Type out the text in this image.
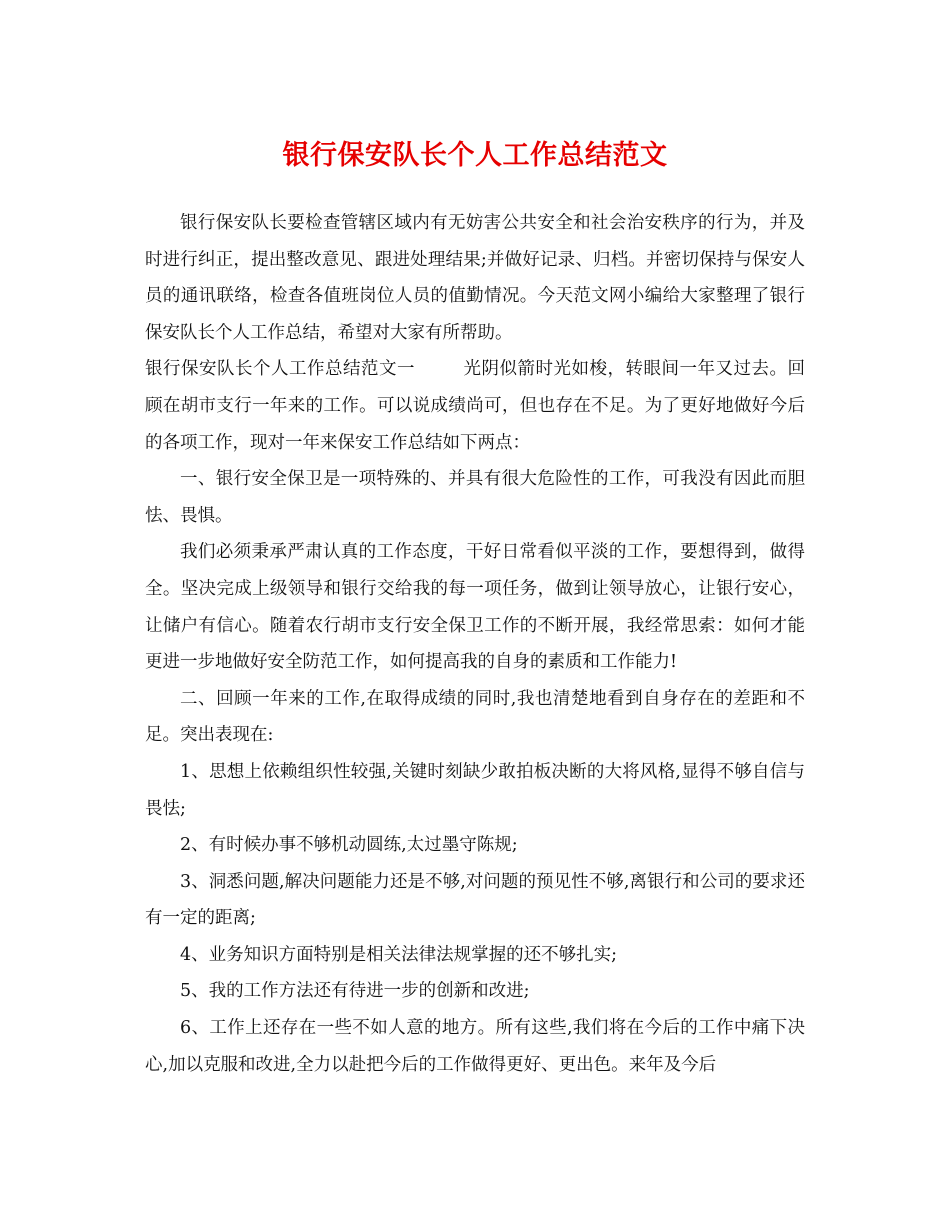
银行保安队长个人工作总结范文

银行保安队长要检查管辖区域内有无妨害公共安全和社会治安秩序的行为，并及时进行纠正，提出整改意见、跟进处理结果;并做好记录、归档。并密切保持与保安人员的通讯联络，检查各值班岗位人员的值勤情况。今天范文网小编给大家整理了银行保安队长个人工作总结，希望对大家有所帮助。

银行保安队长个人工作总结范文一	光阴似箭时光如梭，转眼间一年又过去。回顾在胡市支行一年来的工作。可以说成绩尚可，但也存在不足。为了更好地做好今后的各项工作，现对一年来保安工作总结如下两点：

一、银行安全保卫是一项特殊的、并具有很大危险性的工作，可我没有因此而胆怯、畏惧。

我们必须秉承严肃认真的工作态度，干好日常看似平淡的工作，要想得到，做得全。坚决完成上级领导和银行交给我的每一项任务，做到让领导放心，让银行安心，让储户有信心。随着农行胡市支行安全保卫工作的不断开展，我经常思索：如何才能更进一步地做好安全防范工作，如何提高我的自身的素质和工作能力!

二、回顾一年来的工作,在取得成绩的同时,我也清楚地看到自身存在的差距和不足。突出表现在:

1、思想上依赖组织性较强,关键时刻缺少敢拍板决断的大将风格,显得不够自信与畏怯;

2、有时候办事不够机动圆练,太过墨守陈规;

3、洞悉问题,解决问题能力还是不够,对问题的预见性不够,离银行和公司的要求还有一定的距离;

4、业务知识方面特别是相关法律法规掌握的还不够扎实;

5、我的工作方法还有待进一步的创新和改进;

6、工作上还存在一些不如人意的地方。所有这些,我们将在今后的工作中痛下决心,加以克服和改进,全力以赴把今后的工作做得更好、更出色。来年及今后
